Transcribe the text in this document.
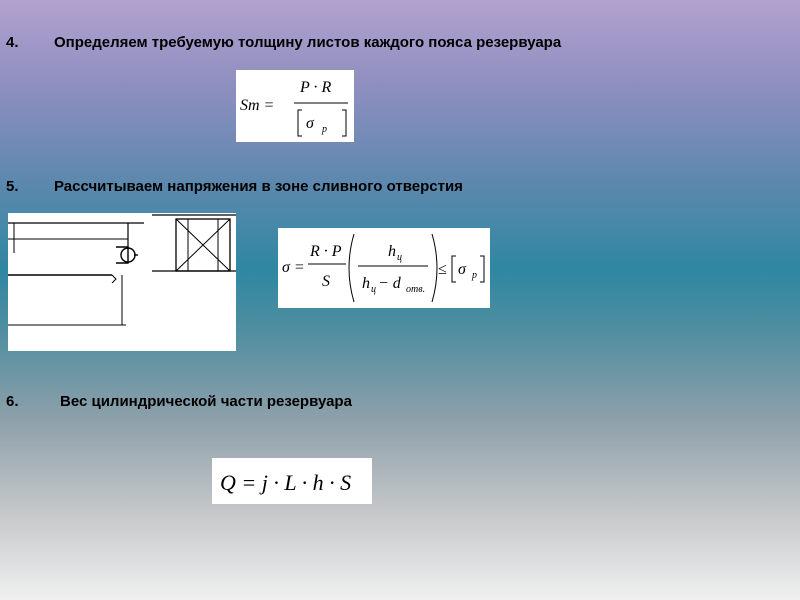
4. Определяем требуемую толщину листов каждого пояса резервуара
Sm =
P · R
σ p
5. Рассчитываем напряжения в зоне сливного отверстия
σ =
R · P
S
h ц
h ц − d отв.
≤ σ p
6.	Вес цилиндрической части резервуара
Q = j · L · h · S
